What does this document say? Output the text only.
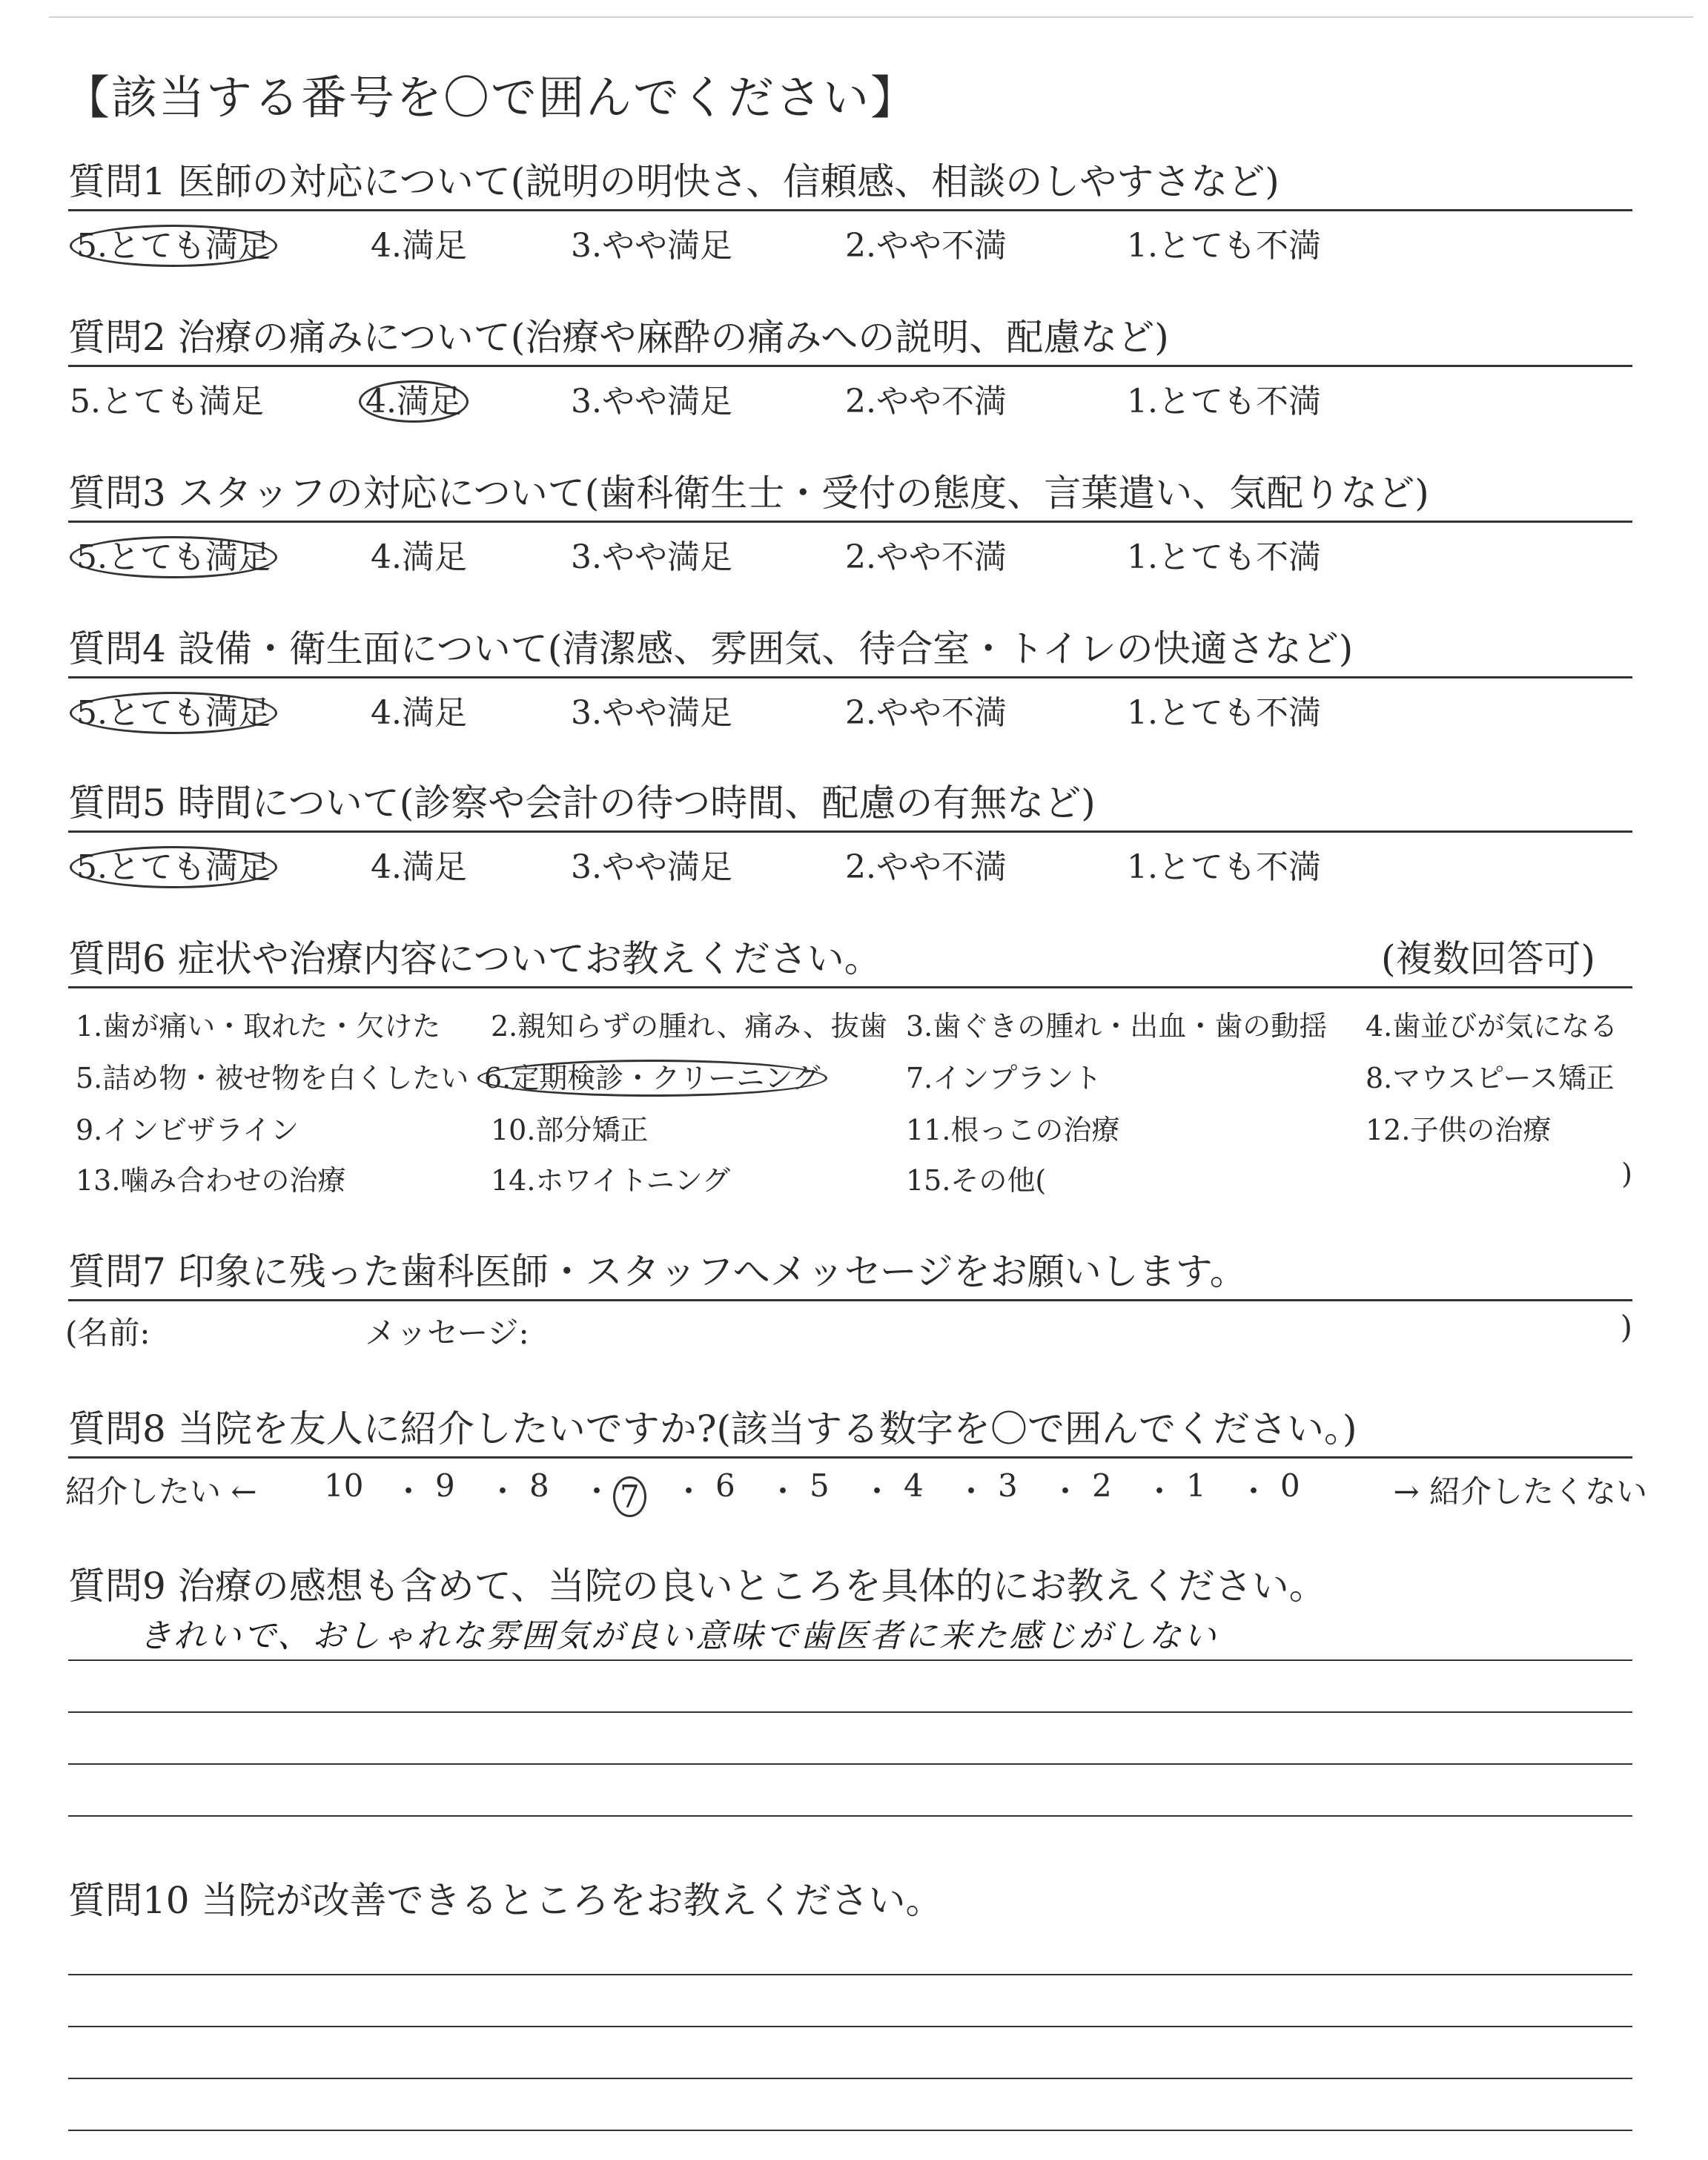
【該当する番号を〇で囲んでください】
質問1 医師の対応について(説明の明快さ、信頼感、相談のしやすさなど)
5.とても満足	4.満足	3.やや満足	2.やや不満	1.とても不満
質問2 治療の痛みについて(治療や麻酔の痛みへの説明、配慮など)
5.とても満足	4.満足	3.やや満足	2.やや不満	1.とても不満
質問3 スタッフの対応について(歯科衛生士・受付の態度、言葉遣い、気配りなど)
5.とても満足	4.満足	3.やや満足	2.やや不満	1.とても不満
質問4 設備・衛生面について(清潔感、雰囲気、待合室・トイレの快適さなど)
5.とても満足	4.満足	3.やや満足	2.やや不満	1.とても不満
質問5 時間について(診察や会計の待つ時間、配慮の有無など)
5.とても満足	4.満足	3.やや満足	2.やや不満	1.とても不満
質問6 症状や治療内容についてお教えください。	(複数回答可)
1.歯が痛い・取れた・欠けた 2.親知らずの腫れ、痛み、抜歯 3.歯ぐきの腫れ・出血・歯の動揺 4.歯並びが気になる
5.詰め物・被せ物を白くしたい 6.定期検診・クリーニング	7.インプラント	8.マウスピース矯正
9.インビザライン	10.部分矯正	11.根っこの治療	12.子供の治療
13.噛み合わせの治療	14.ホワイトニング	15.その他(	)
質問7 印象に残った歯科医師・スタッフへメッセージをお願いします。
(名前:	メッセージ:	)
質問8 当院を友人に紹介したいですか?(該当する数字を〇で囲んでください。)
紹介したい ← 10 ・ 9 ・ 8 ・ 7 ・ 6 ・ 5 ・ 4 ・ 3 ・ 2 ・ 1 ・ 0	→ 紹介したくない
質問9 治療の感想も含めて、当院の良いところを具体的にお教えください。
きれいで、おしゃれな雰囲気が良い意味で歯医者に来た感じがしない
質問10 当院が改善できるところをお教えください。
